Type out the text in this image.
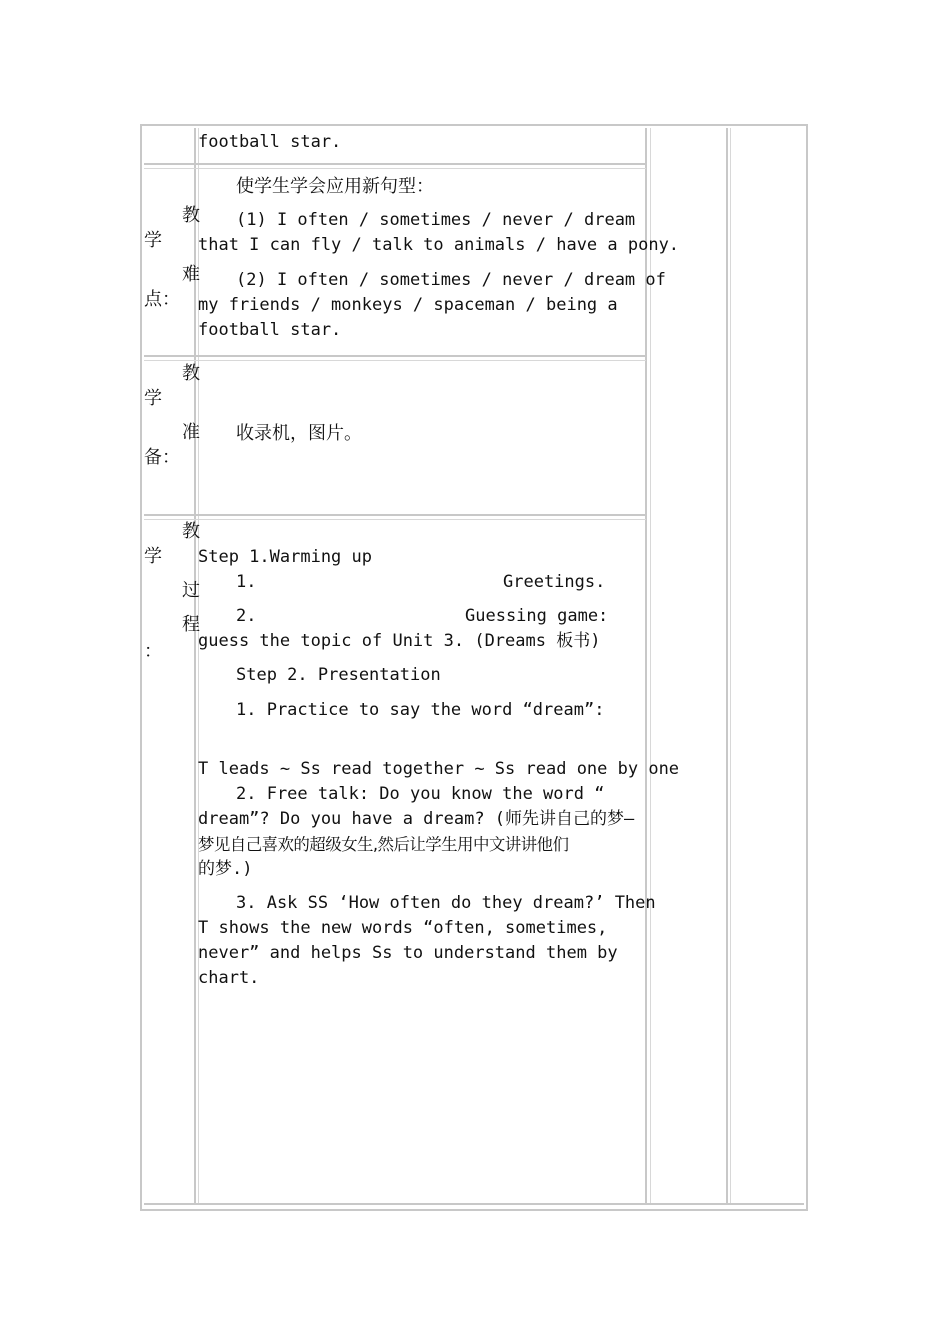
football star.
教
学
难
点：
使学生学会应用新句型：
(1) I often / sometimes / never / dream
that I can fly / talk to animals / have a pony.
(2) I often / sometimes / never / dream of
my friends / monkeys / spaceman / being a
football star.
教
学
准
备：
收录机，图片。
教
学
过
程
：
Step 1.Warming up
1.	Greetings.
2.	Guessing game:
guess the topic of Unit 3. (Dreams 板书)
Step 2. Presentation
1. Practice to say the word “dream”:
T leads ~ Ss read together ~ Ss read one by one
2. Free talk: Do you know the word “
dream”? Do you have a dream? (师先讲自己的梦—
梦见自己喜欢的超级女生,然后让学生用中文讲讲他们
的梦.)
3. Ask SS ‘How often do they dream?’ Then
T shows the new words “often, sometimes,
never” and helps Ss to understand them by
chart.
